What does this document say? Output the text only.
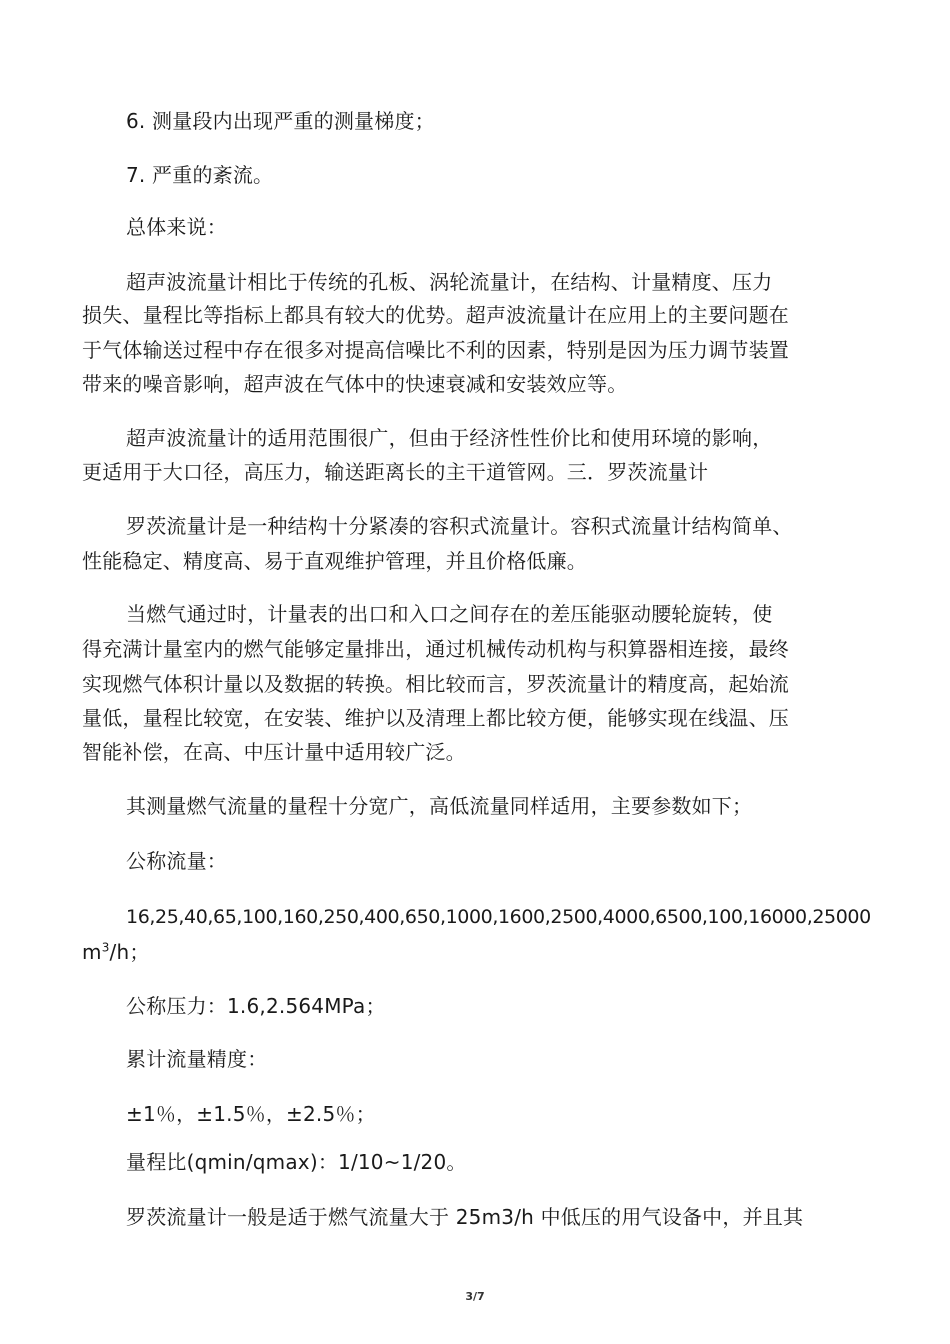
6. 测量段内出现严重的测量梯度；
7. 严重的紊流。
总体来说：
超声波流量计相比于传统的孔板、涡轮流量计，在结构、计量精度、压力
损失、量程比等指标上都具有较大的优势。超声波流量计在应用上的主要问题在
于气体输送过程中存在很多对提高信噪比不利的因素，特别是因为压力调节装置
带来的噪音影响，超声波在气体中的快速衰减和安装效应等。
超声波流量计的适用范围很广，但由于经济性性价比和使用环境的影响，
更适用于大口径，高压力，输送距离长的主干道管网。三．罗茨流量计
罗茨流量计是一种结构十分紧凑的容积式流量计。容积式流量计结构简单、
性能稳定、精度高、易于直观维护管理，并且价格低廉。
当燃气通过时，计量表的出口和入口之间存在的差压能驱动腰轮旋转，使
得充满计量室内的燃气能够定量排出，通过机械传动机构与积算器相连接，最终
实现燃气体积计量以及数据的转换。相比较而言，罗茨流量计的精度高，起始流
量低，量程比较宽，在安装、维护以及清理上都比较方便，能够实现在线温、压
智能补偿，在高、中压计量中适用较广泛。
其测量燃气流量的量程十分宽广，高低流量同样适用，主要参数如下；
公称流量：
16,25,40,65,100,160,250,400,650,1000,1600,2500,4000,6500,100,16000,25000
$m^3/h$；
公称压力：1.6,2.564MPa；
累计流量精度：
±1％，±1.5％，±2.5％；
量程比(qmin/qmax)：1/10~1/20。
罗茨流量计一般是适于燃气流量大于 25m3/h 中低压的用气设备中，并且其
3/7
